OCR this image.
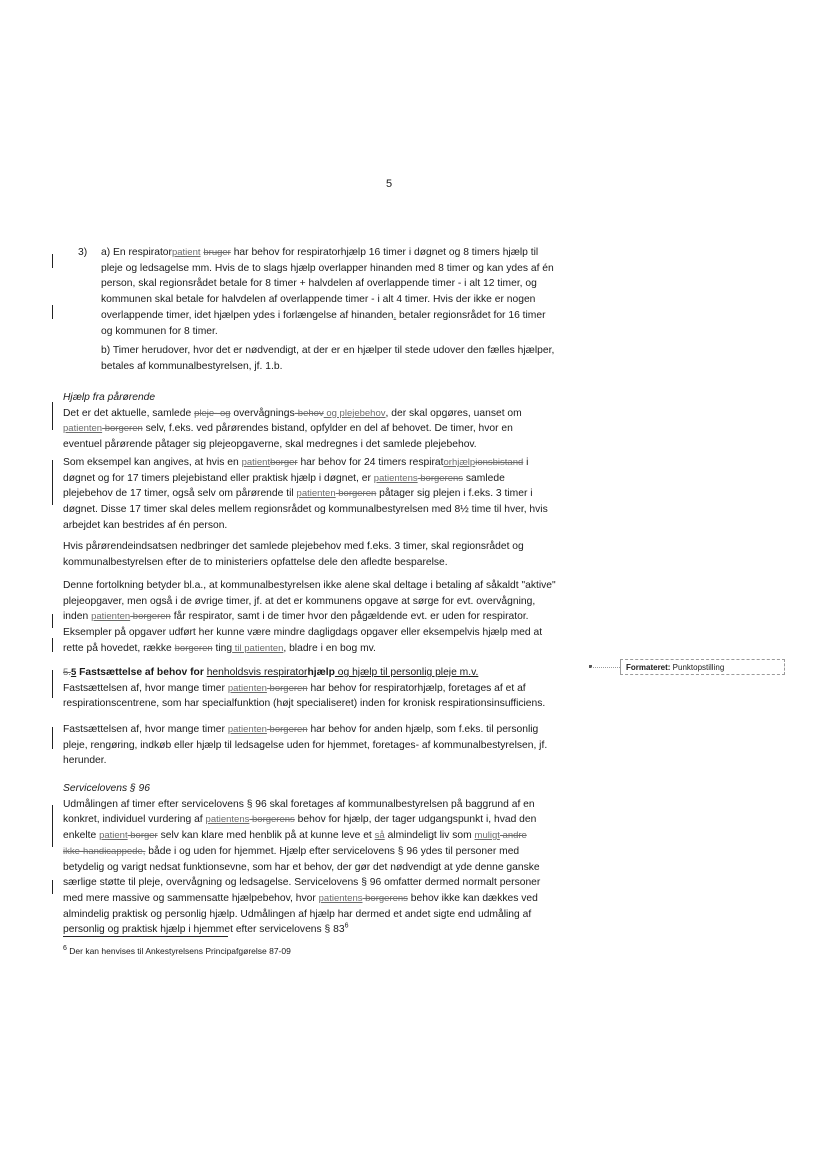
5
3) a) En respiratorpatient bruger har behov for respiratorhjælp 16 timer i døgnet og 8 timers hjælp til
pleje og ledsagelse mm. Hvis de to slags hjælp overlapper hinanden med 8 timer og kan ydes af én
person, skal regionsrådet betale for 8 timer + halvdelen af overlappende timer - i alt 12 timer, og
kommunen skal betale for halvdelen af overlappende timer - i alt 4 timer. Hvis der ikke er nogen
overlappende timer, idet hjælpen ydes i forlængelse af hinanden, betaler regionsrådet for 16 timer
og kommunen for 8 timer.
b) Timer herudover, hvor det er nødvendigt, at der er en hjælper til stede udover den fælles hjælper,
betales af kommunalbestyrelsen, jf. 1.b.
Hjælp fra pårørende
Det er det aktuelle, samlede pleje- og overvågnings-behov og plejebehov, der skal opgøres, uanset om
patienten borgeren selv, f.eks. ved pårørendes bistand, opfylder en del af behovet. De timer, hvor en
eventuel pårørende påtager sig plejeopgaverne, skal medregnes i det samlede plejebehov.
Som eksempel kan angives, at hvis en patientborger har behov for 24 timers respiratorhjælpionsbistand i
døgnet og for 17 timers plejebistand eller praktisk hjælp i døgnet, er patientens borgerens samlede
plejebehov de 17 timer, også selv om pårørende til patienten borgeren påtager sig plejen i f.eks. 3 timer i
døgnet. Disse 17 timer skal deles mellem regionsrådet og kommunalbestyrelsen med 8½ time til hver, hvis
arbejdet kan bestrides af én person.
Hvis pårørendeindsatsen nedbringer det samlede plejebehov med f.eks. 3 timer, skal regionsrådet og
kommunalbestyrelsen efter de to ministeriers opfattelse dele den afledte besparelse.
Denne fortolkning betyder bl.a., at kommunalbestyrelsen ikke alene skal deltage i betaling af såkaldt "aktive"
plejeopgaver, men også i de øvrige timer, jf. at det er kommunens opgave at sørge for evt. overvågning,
inden patienten borgeren får respirator, samt i de timer hvor den pågældende evt. er uden for respirator.
Eksempler på opgaver udført her kunne være mindre dagligdags opgaver eller eksempelvis hjælp med at
rette på hovedet, række borgeren ting til patienten, bladre i en bog mv.
5.5 Fastsættelse af behov for henholdsvis respiratorhjælp og hjælp til personlig pleje m.v.
Fastsættelsen af, hvor mange timer patienten borgeren har behov for respiratorhjælp, foretages af et af
respirationscentrene, som har specialfunktion (højt specialiseret) inden for kronisk respirationsinsufficiens.
Fastsættelsen af, hvor mange timer patienten borgeren har behov for anden hjælp, som f.eks. til personlig
pleje, rengøring, indkøb eller hjælp til ledsagelse uden for hjemmet, foretages- af kommunalbestyrelsen, jf.
herunder.
Servicelovens § 96
Udmålingen af timer efter servicelovens § 96 skal foretages af kommunalbestyrelsen på baggrund af en
konkret, individuel vurdering af patientens borgerens behov for hjælp, der tager udgangspunkt i, hvad den
enkelte patient borger selv kan klare med henblik på at kunne leve et så almindeligt liv som muligt andre
ikke-handicappede, både i og uden for hjemmet. Hjælp efter servicelovens § 96 ydes til personer med
betydelig og varigt nedsat funktionsevne, som har et behov, der gør det nødvendigt at yde denne ganske
særlige støtte til pleje, overvågning og ledsagelse. Servicelovens § 96 omfatter dermed normalt personer
med mere massive og sammensatte hjælpebehov, hvor patientens borgerens behov ikke kan dækkes ved
almindelig praktisk og personlig hjælp. Udmålingen af hjælp har dermed et andet sigte end udmåling af
personlig og praktisk hjælp i hjemmet efter servicelovens § $83^6$
$^6$ Der kan henvises til Ankestyrelsens Principafgørelse 87-09
Formateret: Punktopstilling
